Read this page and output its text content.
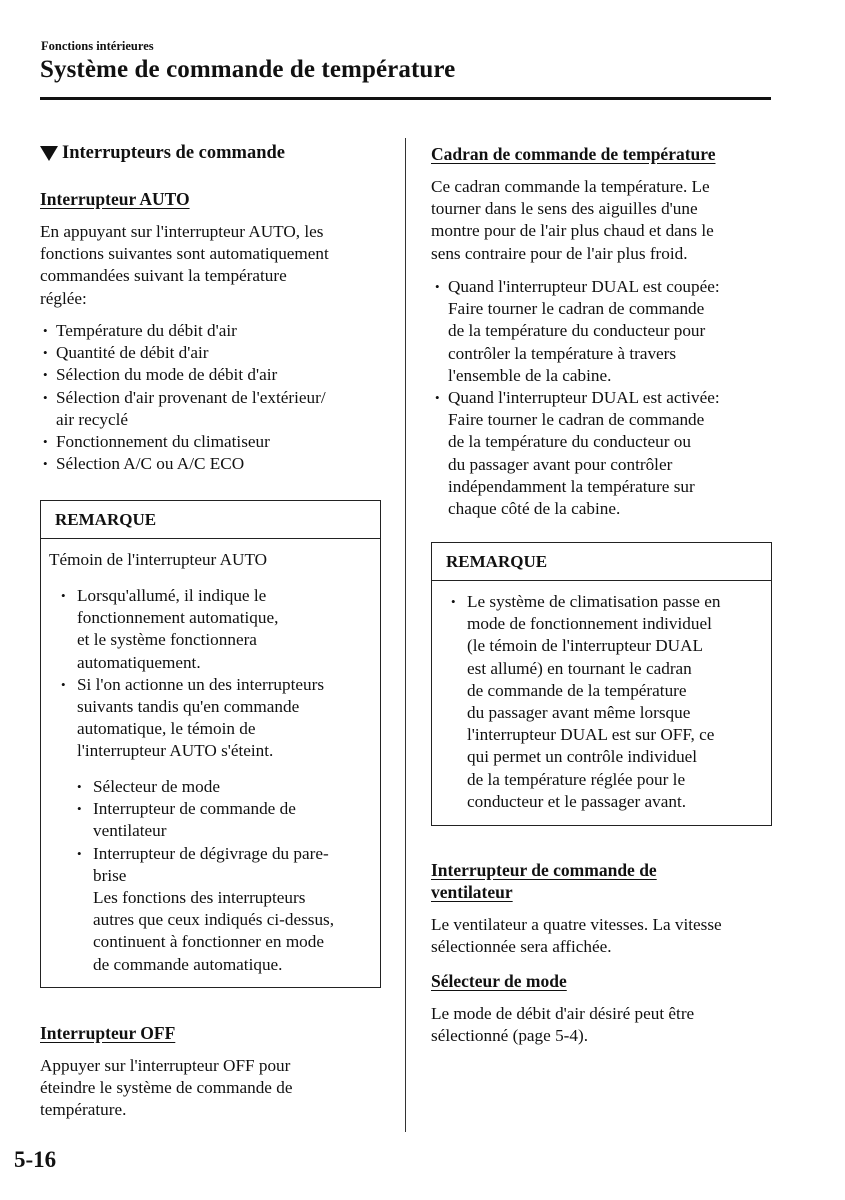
Fonctions intérieures
Système de commande de température
Interrupteurs de commande
Interrupteur AUTO

En appuyant sur l'interrupteur AUTO, les

fonctions suivantes sont automatiquement

commandées suivant la température

réglée:

• Température du débit d'air
• Quantité de débit d'air
• Sélection du mode de débit d'air
• Sélection d'air provenant de l'extérieur/
air recyclé
• Fonctionnement du climatiseur
• Sélection A/C ou A/C ECO
REMARQUE
Témoin de l'interrupteur AUTO
• Lorsqu'allumé, il indique le
fonctionnement automatique,
et le système fonctionnera
automatiquement.
• Si l'on actionne un des interrupteurs
suivants tandis qu'en commande
automatique, le témoin de
l'interrupteur AUTO s'éteint.
• Sélecteur de mode
• Interrupteur de commande de
ventilateur
• Interrupteur de dégivrage du pare-
brise
Les fonctions des interrupteurs
autres que ceux indiqués ci-dessus,
continuent à fonctionner en mode
de commande automatique.
Interrupteur OFF

Appuyer sur l'interrupteur OFF pour

éteindre le système de commande de

température.

Cadran de commande de température

Ce cadran commande la température. Le

tourner dans le sens des aiguilles d'une

montre pour de l'air plus chaud et dans le

sens contraire pour de l'air plus froid.

• Quand l'interrupteur DUAL est coupée:
Faire tourner le cadran de commande
de la température du conducteur pour
contrôler la température à travers
l'ensemble de la cabine.
• Quand l'interrupteur DUAL est activée:
Faire tourner le cadran de commande
de la température du conducteur ou
du passager avant pour contrôler
indépendamment la température sur
chaque côté de la cabine.
REMARQUE
• Le système de climatisation passe en
mode de fonctionnement individuel
(le témoin de l'interrupteur DUAL
est allumé) en tournant le cadran
de commande de la température
du passager avant même lorsque
l'interrupteur DUAL est sur OFF, ce
qui permet un contrôle individuel
de la température réglée pour le
conducteur et le passager avant.
Interrupteur de commande de
ventilateur

Le ventilateur a quatre vitesses. La vitesse

sélectionnée sera affichée.

Sélecteur de mode

Le mode de débit d'air désiré peut être

sélectionné (page 5-4).

5-16
